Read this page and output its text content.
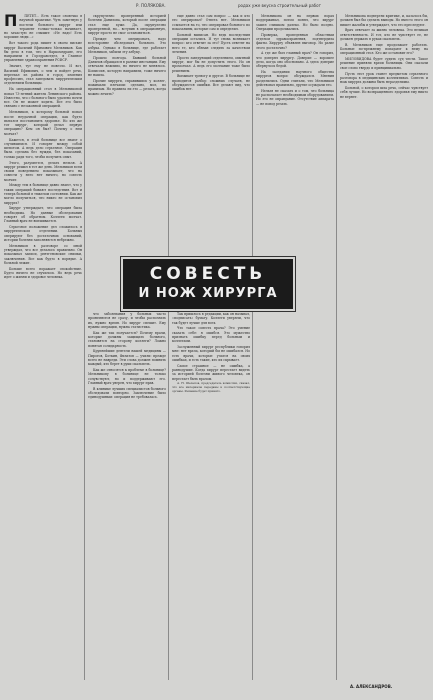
Р. ПОЛЯКОВА.	родах уже вкусна строительный работ
П	ПЕТЕТ... Есть такое словечко в научной практике. Чуть заметную у постели больного хирург или терапевт только-только начинает, но зачастую не слышит: «Не надо! Есть хорошие люди...»

Вот такого рода пишет в своем письме хирург Василий Ефимович Мельников. Как бы дело в том, что в Наркомздраве, его направили в Горздравотдел, в Главное управление здравоохранения РСФСР.

Значит, тут ему не повезло. И вот, Василий Ефимович, о чем и пойдет речь, переехал из района в город, изменил профессию, стал заведовать хирургическим отделением больницы.

На операционный стол в Мельниковой попал 73-летний житель Ленинского района. Известно, что с больного было удалено почти все. Он не может ходить. Все это было связано с незаконной операцией.

Мельников, к которому больной попал после неудачной операции, как будто пытался восстановить здоровье. Но кто же тот хирург, который делал первую операцию? Кем он был? Почему о нем молчат?

Кажется, в этой больнице все знают о случившемся. И говорят между собой шепотом. А ведь дело серьезное. Операция была сделана без нужды, без показаний, только ради того, чтобы получить опыт.

Этого, разумеется, делать нельзя. А хирург решил в тот же день. Мельников всем своим поведением показывает, что на совести у него нет ничего, но совесть молчит.

Между тем в больнице давно знают, что у таких операций бывают последствия. Вот и теперь больной в тяжелом состоянии. Как же могло получиться, что никто не остановил хирурга?

Хирург утверждает, что операция была необходима. Но данные обследования говорят об обратном. Коллеги молчат. Главный врач не вмешивается.

Серьезное положение дел сложилось в хирургическом отделении. Больных оперируют без достаточных оснований, истории болезни заполняются небрежно.

Мельников в разговоре со мной утверждал, что все делалось правильно. Он показывал записи, рентгеновские снимки, заключения. Все как будто в порядке. А больной лежит.

Больше всего поражает спокойствие. Будто ничего не случилось. Но ведь речь идет о жизни и здоровье человека.

скрупулезно проверенный историей болезни Данилова, который после операции стал еще хуже. Да, скрупулезно проверенной, но... вступив в операционную, хирург просто не смог остановиться.

Прежде чем оперировать, надо всесторонне обследовать больного. Это азбука. Однако в больнице, где работает Мельников, забыли эту азбуку.

Прошло полгода. Бывший больной Данилов обращался в разные инстанции. Ему отвечали вежливо, но ничего не менялось. Комиссия, которую направили, тоже ничего не нашла.

Прочие хирурги, справившись у коллег, пожимали плечами: сделано, мол, по правилам. Но правила ли это — резать, когда можно лечить?

еще давно стал сам вопрос — как и кто его оперировал? Ответа нет. Мельников ссылается на то, что оперировал больного по показаниям, которые сам и определил.

Больной выписан. Но ведь последствия операции остались. И тут снова возникает вопрос: кто ответит за это? Пусть ответят на него те, кто обязан следить за качеством лечения.

Просто заведующий отделением, опытный хирург, мог бы не допустить этого. Но он промолчал. А ведь его молчание тоже было решением.

Вызывает тревогу и другое. В больнице не проводится разбор сложных случаев, не обсуждаются ошибки. Все делают вид, что ошибок нет.

СОВЕСТЬ
И НОЖ ХИРУРГА

что заболевания у больных часто проявляются не сразу, и чтобы распознать их, нужно время. Но хирург спешит. Ему нужны операции, нужна статистика.

Как же так получается? Почему врачи, которые должны защищать больного, становятся на сторону коллеги? Ложно понятая солидарность.

Крупнейшие деятели нашей медицины — Пирогов, Боткин, Филатов — учили: прежде всего не навреди. Эти слова должен помнить каждый, кто берет в руки скальпель.

Как же относятся к проблеме в больнице? Мельникову в больнице не только сочувствуют, но и поддерживают его. Главный врач уверен, что хирург прав.

В клинике лучших специалистов больного обследовали повторно. Заключение было единодушным: операция не требовалась.

Так пришлось в редакции, как он называл, «подписать» бумагу. Коллеги уверяли, что так будет лучше для всех.

Что такое совесть врача? Это умение сказать себе: я ошибся. Это мужество признать ошибку перед больным и коллегами.

Заслуженный хирург республики говорил мне: нет врача, который бы не ошибался. Но есть врачи, которые учатся на своих ошибках, и есть такие, кто их скрывает.

Самое страшное — не ошибка, а равнодушие. Когда хирург перестает видеть за историей болезни живого человека, он перестает быть врачом.

А. Н. Шелепов, председатель комиссии, сказал, что все материалы переданы в соответствующие органы. Решение будет принято.

Мельникова он на первых порах поддерживал, потом понял, что хирург зашел слишком далеко. Но было поздно. Операции продолжались.

Проверка, проведенная областным отделом здравоохранения, подтвердила факты. Хирургу объявлен выговор. Но разве этого достаточно?

А где же был главный врач? Он говорил, что доверял хирургу. Доверие — хорошее дело, когда оно обосновано. А здесь доверие обернулось бедой.

На заседании научного общества хирургов вопрос обсуждался. Мнения разделились. Одни считали, что Мельников действовал правильно, другие осуждали его.

Нельзя не сказать и о том, что больница не располагает необходимым оборудованием. Но это не оправдание. Отсутствие аппарата — не повод резать.

Мельникова подвергли критике, и, казалось бы, должен был бы сделать выводы. Но вместо этого он пишет жалобы и утверждает, что его преследуют.

Врач отвечает за жизнь человека. Это великая ответственность. И тот, кто не чувствует ее, не должен держать в руках скальпель.

В. Мельников еще продолжает работать. Больные по-прежнему попадают к нему на операционный стол. Кто же остановит его?

МИЛОВИДОВА будет судить суд чести. Такое решение приняли врачи больницы. Они сказали свое слово твердо и принципиально.

Пусть этот урок станет предметом серьезного разговора в медицинских коллективах. Совесть и нож хирурга должны быть неразделимы.

Больной, о котором шла речь, сейчас чувствует себя лучше. Но возвращенного здоровья ему никто не вернет.

А. АЛЕКСАНДРОВ.
